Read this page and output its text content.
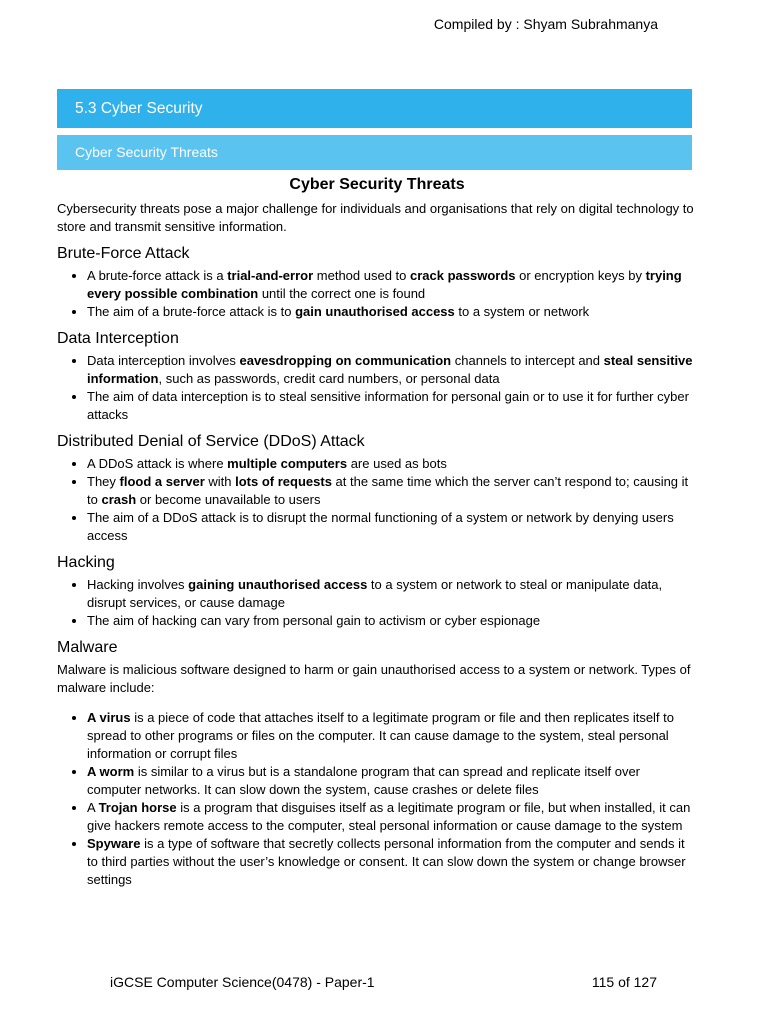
Compiled by : Shyam Subrahmanya
5.3 Cyber Security
Cyber Security Threats
Cyber Security Threats

Cybersecurity threats pose a major challenge for individuals and organisations that rely on digital technology to store and transmit sensitive information.

Brute-Force Attack
• A brute-force attack is a trial-and-error method used to crack passwords or encryption keys by trying every possible combination until the correct one is found
• The aim of a brute-force attack is to gain unauthorised access to a system or network
Data Interception
• Data interception involves eavesdropping on communication channels to intercept and steal sensitive information, such as passwords, credit card numbers, or personal data
• The aim of data interception is to steal sensitive information for personal gain or to use it for further cyber attacks
Distributed Denial of Service (DDoS) Attack
• A DDoS attack is where multiple computers are used as bots
• They flood a server with lots of requests at the same time which the server can’t respond to; causing it to crash or become unavailable to users
• The aim of a DDoS attack is to disrupt the normal functioning of a system or network by denying users access
Hacking
• Hacking involves gaining unauthorised access to a system or network to steal or manipulate data, disrupt services, or cause damage
• The aim of hacking can vary from personal gain to activism or cyber espionage
Malware

Malware is malicious software designed to harm or gain unauthorised access to a system or network. Types of malware include:

• A virus is a piece of code that attaches itself to a legitimate program or file and then replicates itself to spread to other programs or files on the computer. It can cause damage to the system, steal personal information or corrupt files
• A worm is similar to a virus but is a standalone program that can spread and replicate itself over computer networks. It can slow down the system, cause crashes or delete files
• A Trojan horse is a program that disguises itself as a legitimate program or file, but when installed, it can give hackers remote access to the computer, steal personal information or cause damage to the system
• Spyware is a type of software that secretly collects personal information from the computer and sends it to third parties without the user’s knowledge or consent. It can slow down the system or change browser settings
iGCSE Computer Science(0478) - Paper-1	115 of 127
